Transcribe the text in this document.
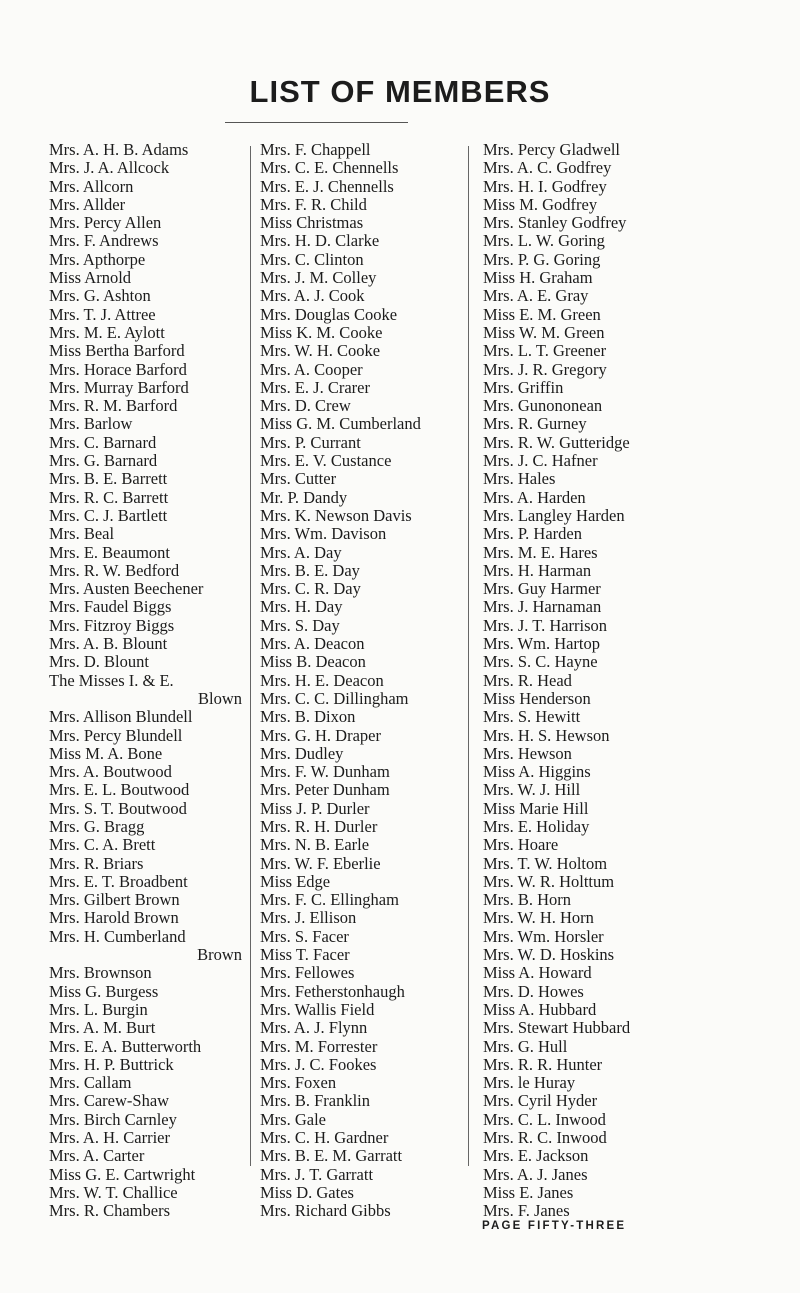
LIST OF MEMBERS
Mrs. A. H. B. Adams
Mrs. J. A. Allcock
Mrs. Allcorn
Mrs. Allder
Mrs. Percy Allen
Mrs. F. Andrews
Mrs. Apthorpe
Miss Arnold
Mrs. G. Ashton
Mrs. T. J. Attree
Mrs. M. E. Aylott
Miss Bertha Barford
Mrs. Horace Barford
Mrs. Murray Barford
Mrs. R. M. Barford
Mrs. Barlow
Mrs. C. Barnard
Mrs. G. Barnard
Mrs. B. E. Barrett
Mrs. R. C. Barrett
Mrs. C. J. Bartlett
Mrs. Beal
Mrs. E. Beaumont
Mrs. R. W. Bedford
Mrs. Austen Beechener
Mrs. Faudel Biggs
Mrs. Fitzroy Biggs
Mrs. A. B. Blount
Mrs. D. Blount
The Misses I. & E.
Blown
Mrs. Allison Blundell
Mrs. Percy Blundell
Miss M. A. Bone
Mrs. A. Boutwood
Mrs. E. L. Boutwood
Mrs. S. T. Boutwood
Mrs. G. Bragg
Mrs. C. A. Brett
Mrs. R. Briars
Mrs. E. T. Broadbent
Mrs. Gilbert Brown
Mrs. Harold Brown
Mrs. H. Cumberland
Brown
Mrs. Brownson
Miss G. Burgess
Mrs. L. Burgin
Mrs. A. M. Burt
Mrs. E. A. Butterworth
Mrs. H. P. Buttrick
Mrs. Callam
Mrs. Carew-Shaw
Mrs. Birch Carnley
Mrs. A. H. Carrier
Mrs. A. Carter
Miss G. E. Cartwright
Mrs. W. T. Challice
Mrs. R. Chambers
Mrs. F. Chappell
Mrs. C. E. Chennells
Mrs. E. J. Chennells
Mrs. F. R. Child
Miss Christmas
Mrs. H. D. Clarke
Mrs. C. Clinton
Mrs. J. M. Colley
Mrs. A. J. Cook
Mrs. Douglas Cooke
Miss K. M. Cooke
Mrs. W. H. Cooke
Mrs. A. Cooper
Mrs. E. J. Crarer
Mrs. D. Crew
Miss G. M. Cumberland
Mrs. P. Currant
Mrs. E. V. Custance
Mrs. Cutter
Mr. P. Dandy
Mrs. K. Newson Davis
Mrs. Wm. Davison
Mrs. A. Day
Mrs. B. E. Day
Mrs. C. R. Day
Mrs. H. Day
Mrs. S. Day
Mrs. A. Deacon
Miss B. Deacon
Mrs. H. E. Deacon
Mrs. C. C. Dillingham
Mrs. B. Dixon
Mrs. G. H. Draper
Mrs. Dudley
Mrs. F. W. Dunham
Mrs. Peter Dunham
Miss J. P. Durler
Mrs. R. H. Durler
Mrs. N. B. Earle
Mrs. W. F. Eberlie
Miss Edge
Mrs. F. C. Ellingham
Mrs. J. Ellison
Mrs. S. Facer
Miss T. Facer
Mrs. Fellowes
Mrs. Fetherstonhaugh
Mrs. Wallis Field
Mrs. A. J. Flynn
Mrs. M. Forrester
Mrs. J. C. Fookes
Mrs. Foxen
Mrs. B. Franklin
Mrs. Gale
Mrs. C. H. Gardner
Mrs. B. E. M. Garratt
Mrs. J. T. Garratt
Miss D. Gates
Mrs. Richard Gibbs
Mrs. Percy Gladwell
Mrs. A. C. Godfrey
Mrs. H. I. Godfrey
Miss M. Godfrey
Mrs. Stanley Godfrey
Mrs. L. W. Goring
Mrs. P. G. Goring
Miss H. Graham
Mrs. A. E. Gray
Miss E. M. Green
Miss W. M. Green
Mrs. L. T. Greener
Mrs. J. R. Gregory
Mrs. Griffin
Mrs. Gunononean
Mrs. R. Gurney
Mrs. R. W. Gutteridge
Mrs. J. C. Hafner
Mrs. Hales
Mrs. A. Harden
Mrs. Langley Harden
Mrs. P. Harden
Mrs. M. E. Hares
Mrs. H. Harman
Mrs. Guy Harmer
Mrs. J. Harnaman
Mrs. J. T. Harrison
Mrs. Wm. Hartop
Mrs. S. C. Hayne
Mrs. R. Head
Miss Henderson
Mrs. S. Hewitt
Mrs. H. S. Hewson
Mrs. Hewson
Miss A. Higgins
Mrs. W. J. Hill
Miss Marie Hill
Mrs. E. Holiday
Mrs. Hoare
Mrs. T. W. Holtom
Mrs. W. R. Holttum
Mrs. B. Horn
Mrs. W. H. Horn
Mrs. Wm. Horsler
Mrs. W. D. Hoskins
Miss A. Howard
Mrs. D. Howes
Miss A. Hubbard
Mrs. Stewart Hubbard
Mrs. G. Hull
Mrs. R. R. Hunter
Mrs. le Huray
Mrs. Cyril Hyder
Mrs. C. L. Inwood
Mrs. R. C. Inwood
Mrs. E. Jackson
Mrs. A. J. Janes
Miss E. Janes
Mrs. F. Janes
PAGE FIFTY-THREE
